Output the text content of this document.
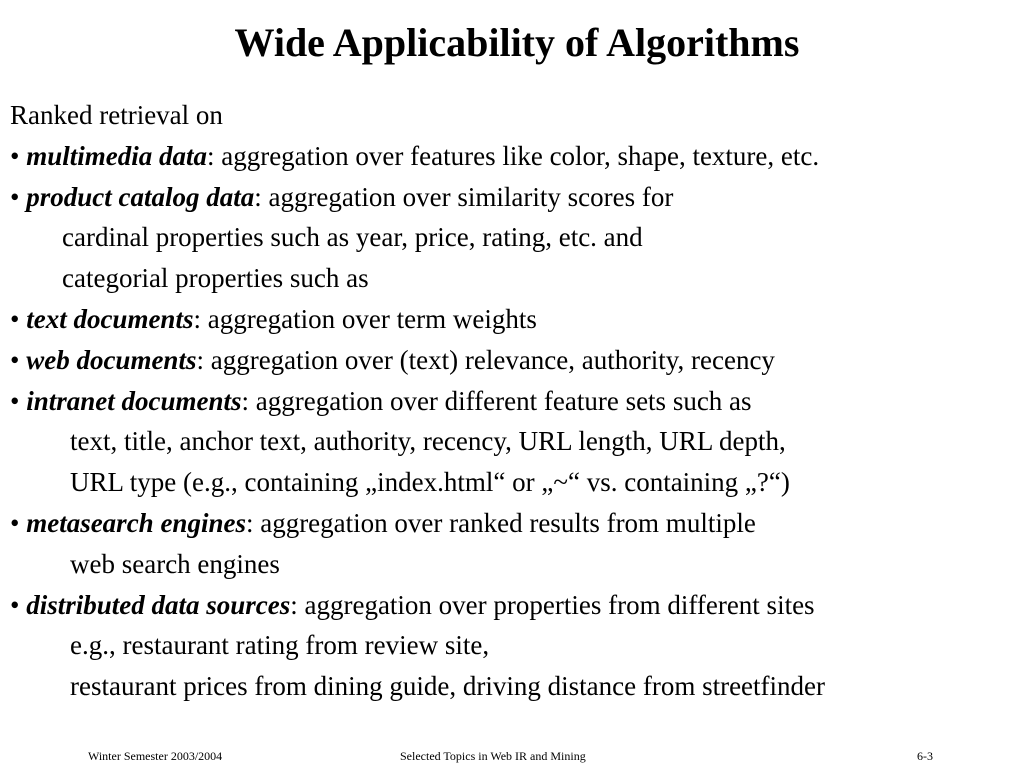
Wide Applicability of Algorithms
Ranked retrieval on
• multimedia data: aggregation over features like color, shape, texture, etc.
• product catalog data: aggregation over similarity scores for
cardinal properties such as year, price, rating, etc. and
categorial properties such as
• text documents: aggregation over term weights
• web documents: aggregation over (text) relevance, authority, recency
• intranet documents: aggregation over different feature sets such as
text, title, anchor text, authority, recency, URL length, URL depth,
URL type (e.g., containing „index.html“ or „~“ vs. containing „?“)
• metasearch engines: aggregation over ranked results from multiple
web search engines
• distributed data sources: aggregation over properties from different sites
e.g., restaurant rating from review site,
restaurant prices from dining guide, driving distance from streetfinder
Winter Semester 2003/2004	Selected Topics in Web IR and Mining	6-3
